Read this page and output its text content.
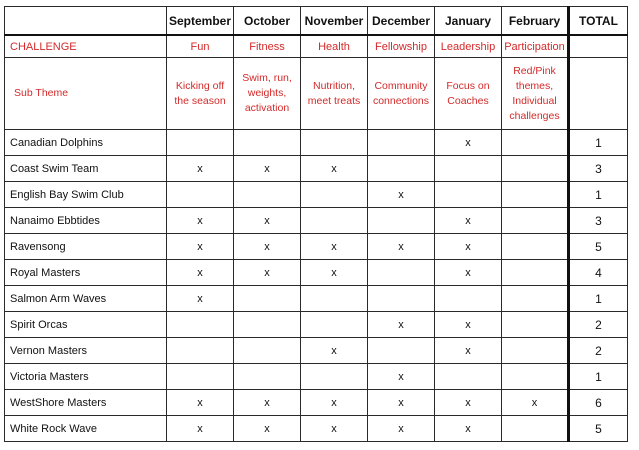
	September	October	November	December	January	February	TOTAL
CHALLENGE	Fun	Fitness	Health	Fellowship	Leadership	Participation	
Sub Theme	Kicking off the season	Swim, run, weights, activation	Nutrition, meet treats	Community connections	Focus on Coaches	Red/Pink themes, Individual challenges	
Canadian Dolphins					x		1
Coast Swim Team	x	x	x				3
English Bay Swim Club				x			1
Nanaimo Ebbtides	x	x			x		3
Ravensong	x	x	x	x	x		5
Royal Masters	x	x	x		x		4
Salmon Arm Waves	x						1
Spirit Orcas				x	x		2
Vernon Masters			x		x		2
Victoria Masters				x			1
WestShore Masters	x	x	x	x	x	x	6
White Rock Wave	x	x	x	x	x		5
